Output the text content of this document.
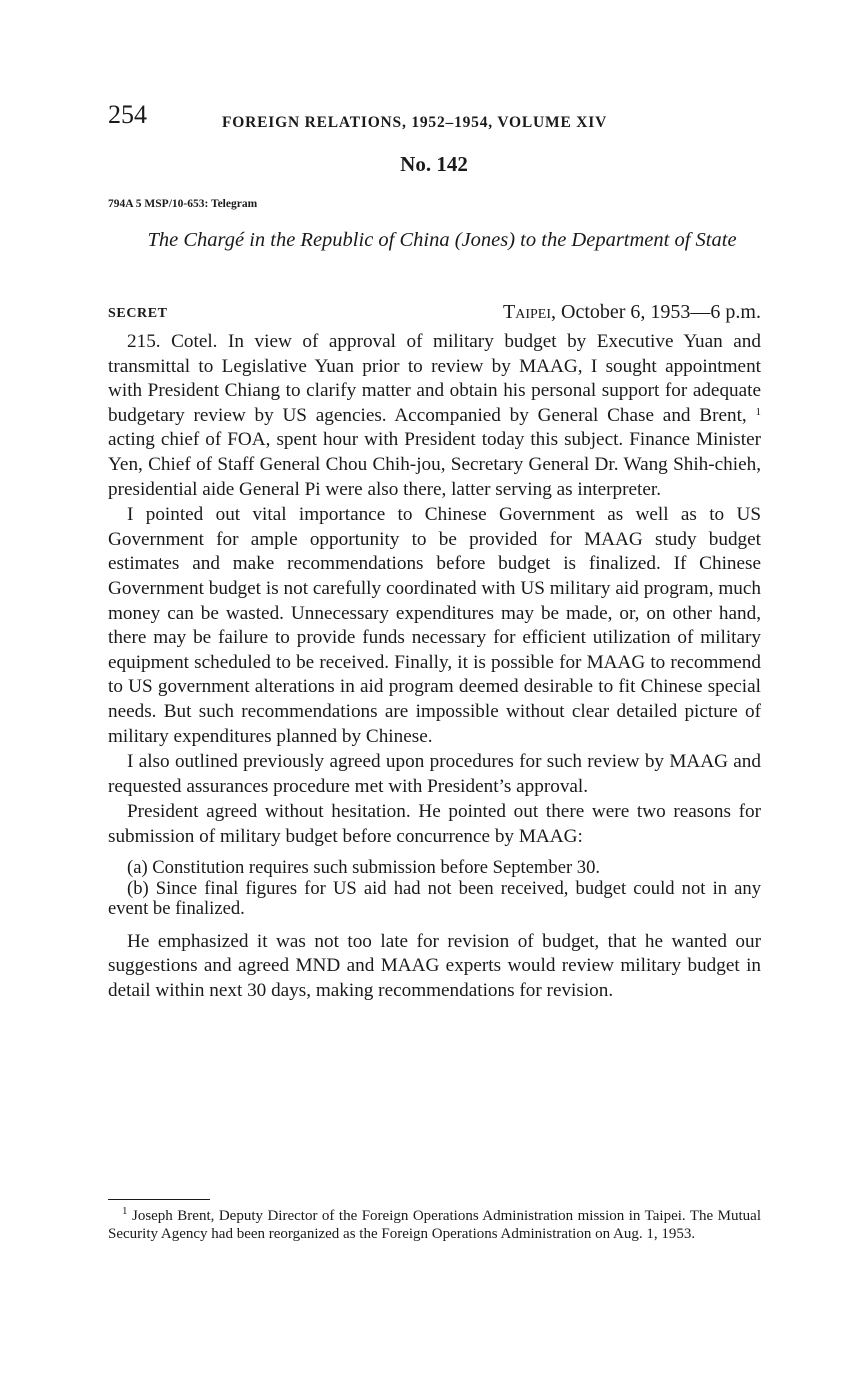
254	FOREIGN RELATIONS, 1952–1954, VOLUME XIV
No. 142
794A 5 MSP/10-653: Telegram
The Chargé in the Republic of China (Jones) to the Department of State
SECRET	Taipei, October 6, 1953—6 p.m.

215. Cotel. In view of approval of military budget by Executive Yuan and transmittal to Legislative Yuan prior to review by MAAG, I sought appointment with President Chiang to clarify matter and obtain his personal support for adequate budgetary review by US agencies. Accompanied by General Chase and Brent, $^1$ acting chief of FOA, spent hour with President today this subject. Finance Minister Yen, Chief of Staff General Chou Chih-jou, Secretary General Dr. Wang Shih-chieh, presidential aide General Pi were also there, latter serving as interpreter.

I pointed out vital importance to Chinese Government as well as to US Government for ample opportunity to be provided for MAAG study budget estimates and make recommendations before budget is finalized. If Chinese Government budget is not carefully coordinated with US military aid program, much money can be wasted. Unnecessary expenditures may be made, or, on other hand, there may be failure to provide funds necessary for efficient utilization of military equipment scheduled to be received. Finally, it is possible for MAAG to recommend to US government alterations in aid program deemed desirable to fit Chinese special needs. But such recommendations are impossible without clear detailed picture of military expenditures planned by Chinese.

I also outlined previously agreed upon procedures for such review by MAAG and requested assurances procedure met with President’s approval.

President agreed without hesitation. He pointed out there were two reasons for submission of military budget before concurrence by MAAG:

(a) Constitution requires such submission before September 30.

(b) Since final figures for US aid had not been received, budget could not in any event be finalized.

He emphasized it was not too late for revision of budget, that he wanted our suggestions and agreed MND and MAAG experts would review military budget in detail within next 30 days, making recommendations for revision.

$^1$ Joseph Brent, Deputy Director of the Foreign Operations Administration mission in Taipei. The Mutual Security Agency had been reorganized as the Foreign Operations Administration on Aug. 1, 1953.
